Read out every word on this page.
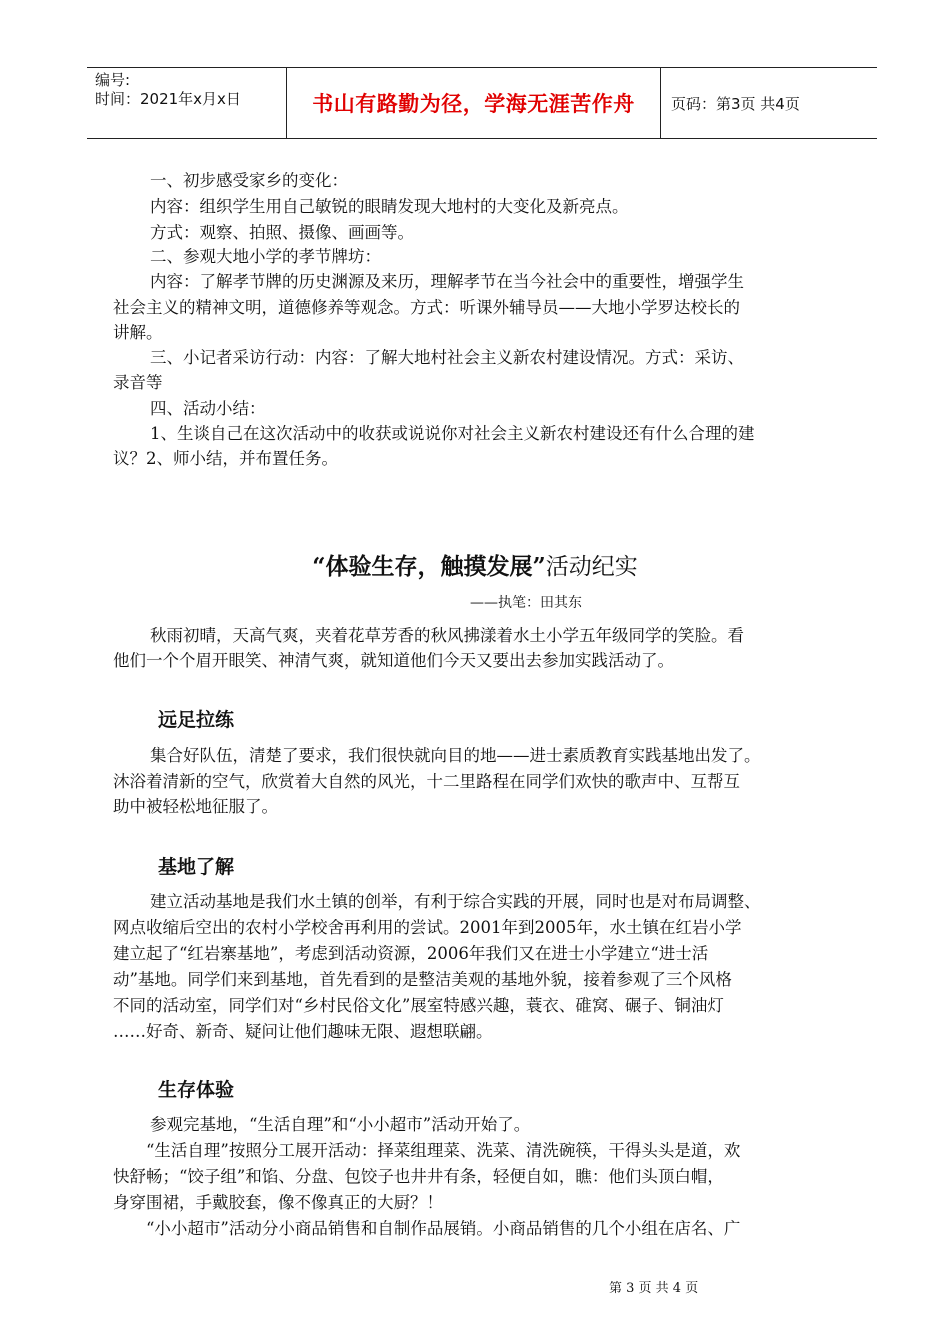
编号:
时间：2021年x月x日	书山有路勤为径，学海无涯苦作舟 页码：第3页 共4页
一、初步感受家乡的变化：
内容：组织学生用自己敏锐的眼睛发现大地村的大变化及新亮点。
方式：观察、拍照、摄像、画画等。
二、参观大地小学的孝节牌坊：
内容：了解孝节牌的历史渊源及来历，理解孝节在当今社会中的重要性，增强学生
社会主义的精神文明，道德修养等观念。方式：听课外辅导员——大地小学罗达校长的
讲解。
三、小记者采访行动：内容：了解大地村社会主义新农村建设情况。方式：采访、
录音等
四、活动小结：
1、生谈自己在这次活动中的收获或说说你对社会主义新农村建设还有什么合理的建
议？2、师小结，并布置任务。
“体验生存，触摸发展”活动纪实
——执笔：田其东
秋雨初晴，天高气爽，夹着花草芳香的秋风拂漾着水土小学五年级同学的笑脸。看
他们一个个眉开眼笑、神清气爽，就知道他们今天又要出去参加实践活动了。
远足拉练
集合好队伍，清楚了要求，我们很快就向目的地——进士素质教育实践基地出发了。
沐浴着清新的空气，欣赏着大自然的风光，十二里路程在同学们欢快的歌声中、互帮互
助中被轻松地征服了。
基地了解
建立活动基地是我们水土镇的创举，有利于综合实践的开展，同时也是对布局调整、
网点收缩后空出的农村小学校舍再利用的尝试。2001年到2005年，水土镇在红岩小学
建立起了“红岩寨基地”，考虑到活动资源，2006年我们又在进士小学建立“进士活
动”基地。同学们来到基地，首先看到的是整洁美观的基地外貌，接着参观了三个风格
不同的活动室，同学们对“乡村民俗文化”展室特感兴趣，蓑衣、碓窝、碾子、铜油灯
……好奇、新奇、疑问让他们趣味无限、遐想联翩。
生存体验
参观完基地，“生活自理”和“小小超市”活动开始了。
“生活自理”按照分工展开活动：择菜组理菜、洗菜、清洗碗筷，干得头头是道，欢
快舒畅；“饺子组”和馅、分盘、包饺子也井井有条，轻便自如，瞧：他们头顶白帽，
身穿围裙，手戴胶套，像不像真正的大厨？！
“小小超市”活动分小商品销售和自制作品展销。小商品销售的几个小组在店名、广
第 3 页 共 4 页
